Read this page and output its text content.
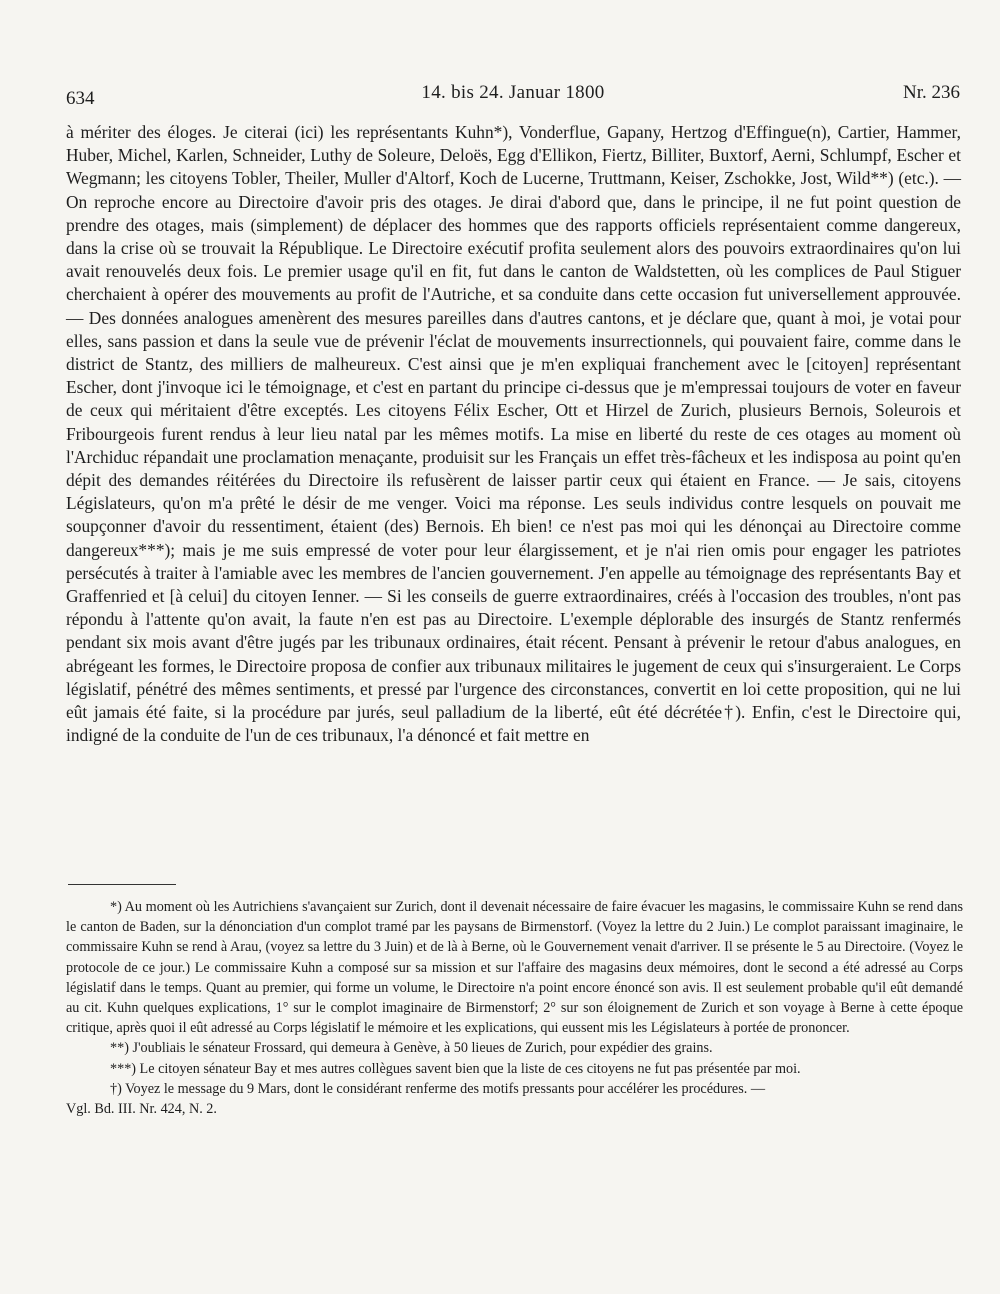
634	14. bis 24. Januar 1800	Nr. 236

à mériter des éloges. Je citerai (ici) les représentants Kuhn*), Vonderflue, Gapany, Hertzog d'Effingue(n), Cartier, Hammer, Huber, Michel, Karlen, Schneider, Luthy de Soleure, Deloës, Egg d'Ellikon, Fiertz, Billiter, Buxtorf, Aerni, Schlumpf, Escher et Wegmann; les citoyens Tobler, Theiler, Muller d'Altorf, Koch de Lucerne, Truttmann, Keiser, Zschokke, Jost, Wild**) (etc.). — On reproche encore au Directoire d'avoir pris des otages. Je dirai d'abord que, dans le principe, il ne fut point question de prendre des otages, mais (simplement) de déplacer des hommes que des rapports officiels représentaient comme dangereux, dans la crise où se trouvait la République. Le Directoire exécutif profita seulement alors des pouvoirs extraordinaires qu'on lui avait renouvelés deux fois. Le premier usage qu'il en fit, fut dans le canton de Waldstetten, où les complices de Paul Stiguer cherchaient à opérer des mouvements au profit de l'Autriche, et sa conduite dans cette occasion fut universellement approuvée. — Des données analogues amenèrent des mesures pareilles dans d'autres cantons, et je déclare que, quant à moi, je votai pour elles, sans passion et dans la seule vue de prévenir l'éclat de mouvements insurrectionnels, qui pouvaient faire, comme dans le district de Stantz, des milliers de malheureux. C'est ainsi que je m'en expliquai franchement avec le [citoyen] représentant Escher, dont j'invoque ici le témoignage, et c'est en partant du principe ci-dessus que je m'empressai toujours de voter en faveur de ceux qui méritaient d'être exceptés. Les citoyens Félix Escher, Ott et Hirzel de Zurich, plusieurs Bernois, Soleurois et Fribourgeois furent rendus à leur lieu natal par les mêmes motifs. La mise en liberté du reste de ces otages au moment où l'Archiduc répandait une proclamation menaçante, produisit sur les Français un effet très-fâcheux et les indisposa au point qu'en dépit des demandes réitérées du Directoire ils refusèrent de laisser partir ceux qui étaient en France. — Je sais, citoyens Législateurs, qu'on m'a prêté le désir de me venger. Voici ma réponse. Les seuls individus contre lesquels on pouvait me soupçonner d'avoir du ressentiment, étaient (des) Bernois. Eh bien! ce n'est pas moi qui les dénonçai au Directoire comme dangereux***); mais je me suis empressé de voter pour leur élargissement, et je n'ai rien omis pour engager les patriotes persécutés à traiter à l'amiable avec les membres de l'ancien gouvernement. J'en appelle au témoignage des représentants Bay et Graffenried et [à celui] du citoyen Ienner. — Si les conseils de guerre extraordinaires, créés à l'occasion des troubles, n'ont pas répondu à l'attente qu'on avait, la faute n'en est pas au Directoire. L'exemple déplorable des insurgés de Stantz renfermés pendant six mois avant d'être jugés par les tribunaux ordinaires, était récent. Pensant à prévenir le retour d'abus analogues, en abrégeant les formes, le Directoire proposa de confier aux tribunaux militaires le jugement de ceux qui s'insurgeraient. Le Corps législatif, pénétré des mêmes sentiments, et pressé par l'urgence des circonstances, convertit en loi cette proposition, qui ne lui eût jamais été faite, si la procédure par jurés, seul palladium de la liberté, eût été décrétée†). Enfin, c'est le Directoire qui, indigné de la conduite de l'un de ces tribunaux, l'a dénoncé et fait mettre en

*) Au moment où les Autrichiens s'avançaient sur Zurich, dont il devenait nécessaire de faire évacuer les magasins, le commissaire Kuhn se rend dans le canton de Baden, sur la dénonciation d'un complot tramé par les paysans de Birmenstorf. (Voyez la lettre du 2 Juin.) Le complot paraissant imaginaire, le commissaire Kuhn se rend à Arau, (voyez sa lettre du 3 Juin) et de là à Berne, où le Gouvernement venait d'arriver. Il se présente le 5 au Directoire. (Voyez le protocole de ce jour.) Le commissaire Kuhn a composé sur sa mission et sur l'affaire des magasins deux mémoires, dont le second a été adressé au Corps législatif dans le temps. Quant au premier, qui forme un volume, le Directoire n'a point encore énoncé son avis. Il est seulement probable qu'il eût demandé au cit. Kuhn quelques explications, 1° sur le complot imaginaire de Birmenstorf; 2° sur son éloignement de Zurich et son voyage à Berne à cette époque critique, après quoi il eût adressé au Corps législatif le mémoire et les explications, qui eussent mis les Législateurs à portée de prononcer.

**) J'oubliais le sénateur Frossard, qui demeura à Genève, à 50 lieues de Zurich, pour expédier des grains.

***) Le citoyen sénateur Bay et mes autres collègues savent bien que la liste de ces citoyens ne fut pas présentée par moi.

†) Voyez le message du 9 Mars, dont le considérant renferme des motifs pressants pour accélérer les procédures. —

Vgl. Bd. III. Nr. 424, N. 2.
